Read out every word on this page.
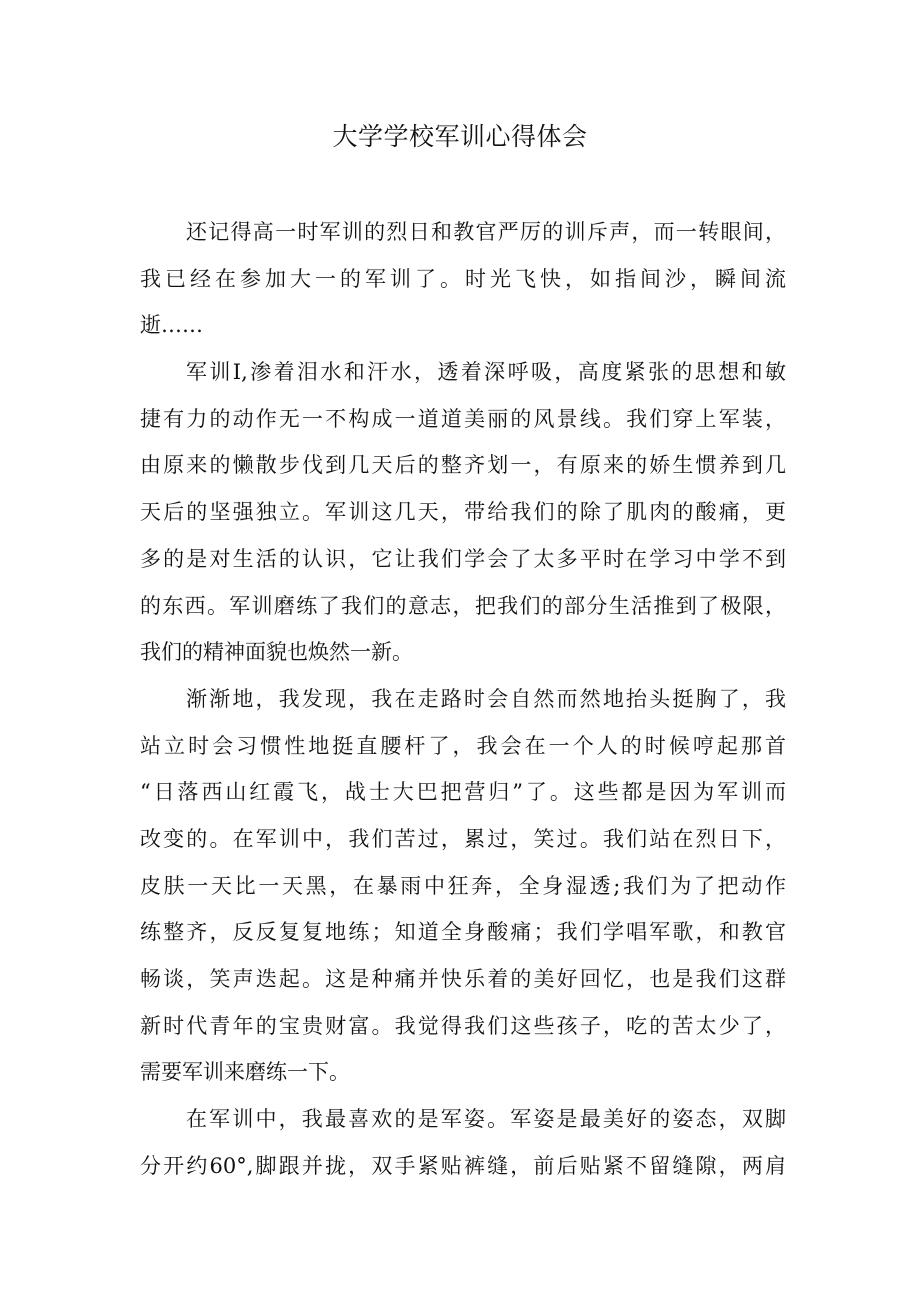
大学学校军训心得体会
还记得高一时军训的烈日和教官严厉的训斥声，而一转眼间，
我已经在参加大一的军训了。时光飞快，如指间沙，瞬间流
逝……
军训I,渗着泪水和汗水，透着深呼吸，高度紧张的思想和敏
捷有力的动作无一不构成一道道美丽的风景线。我们穿上军装，
由原来的懒散步伐到几天后的整齐划一，有原来的娇生惯养到几
天后的坚强独立。军训这几天，带给我们的除了肌肉的酸痛，更
多的是对生活的认识，它让我们学会了太多平时在学习中学不到
的东西。军训磨练了我们的意志，把我们的部分生活推到了极限，
我们的精神面貌也焕然一新。
渐渐地，我发现，我在走路时会自然而然地抬头挺胸了，我
站立时会习惯性地挺直腰杆了，我会在一个人的时候哼起那首
“日落西山红霞飞，战士大巴把营归”了。这些都是因为军训而
改变的。在军训中，我们苦过，累过，笑过。我们站在烈日下，
皮肤一天比一天黑，在暴雨中狂奔，全身湿透;我们为了把动作
练整齐，反反复复地练；知道全身酸痛；我们学唱军歌，和教官
畅谈，笑声迭起。这是种痛并快乐着的美好回忆，也是我们这群
新时代青年的宝贵财富。我觉得我们这些孩子，吃的苦太少了，
需要军训来磨练一下。
在军训中，我最喜欢的是军姿。军姿是最美好的姿态，双脚
分开约60°,脚跟并拢，双手紧贴裤缝，前后贴紧不留缝隙，两肩
